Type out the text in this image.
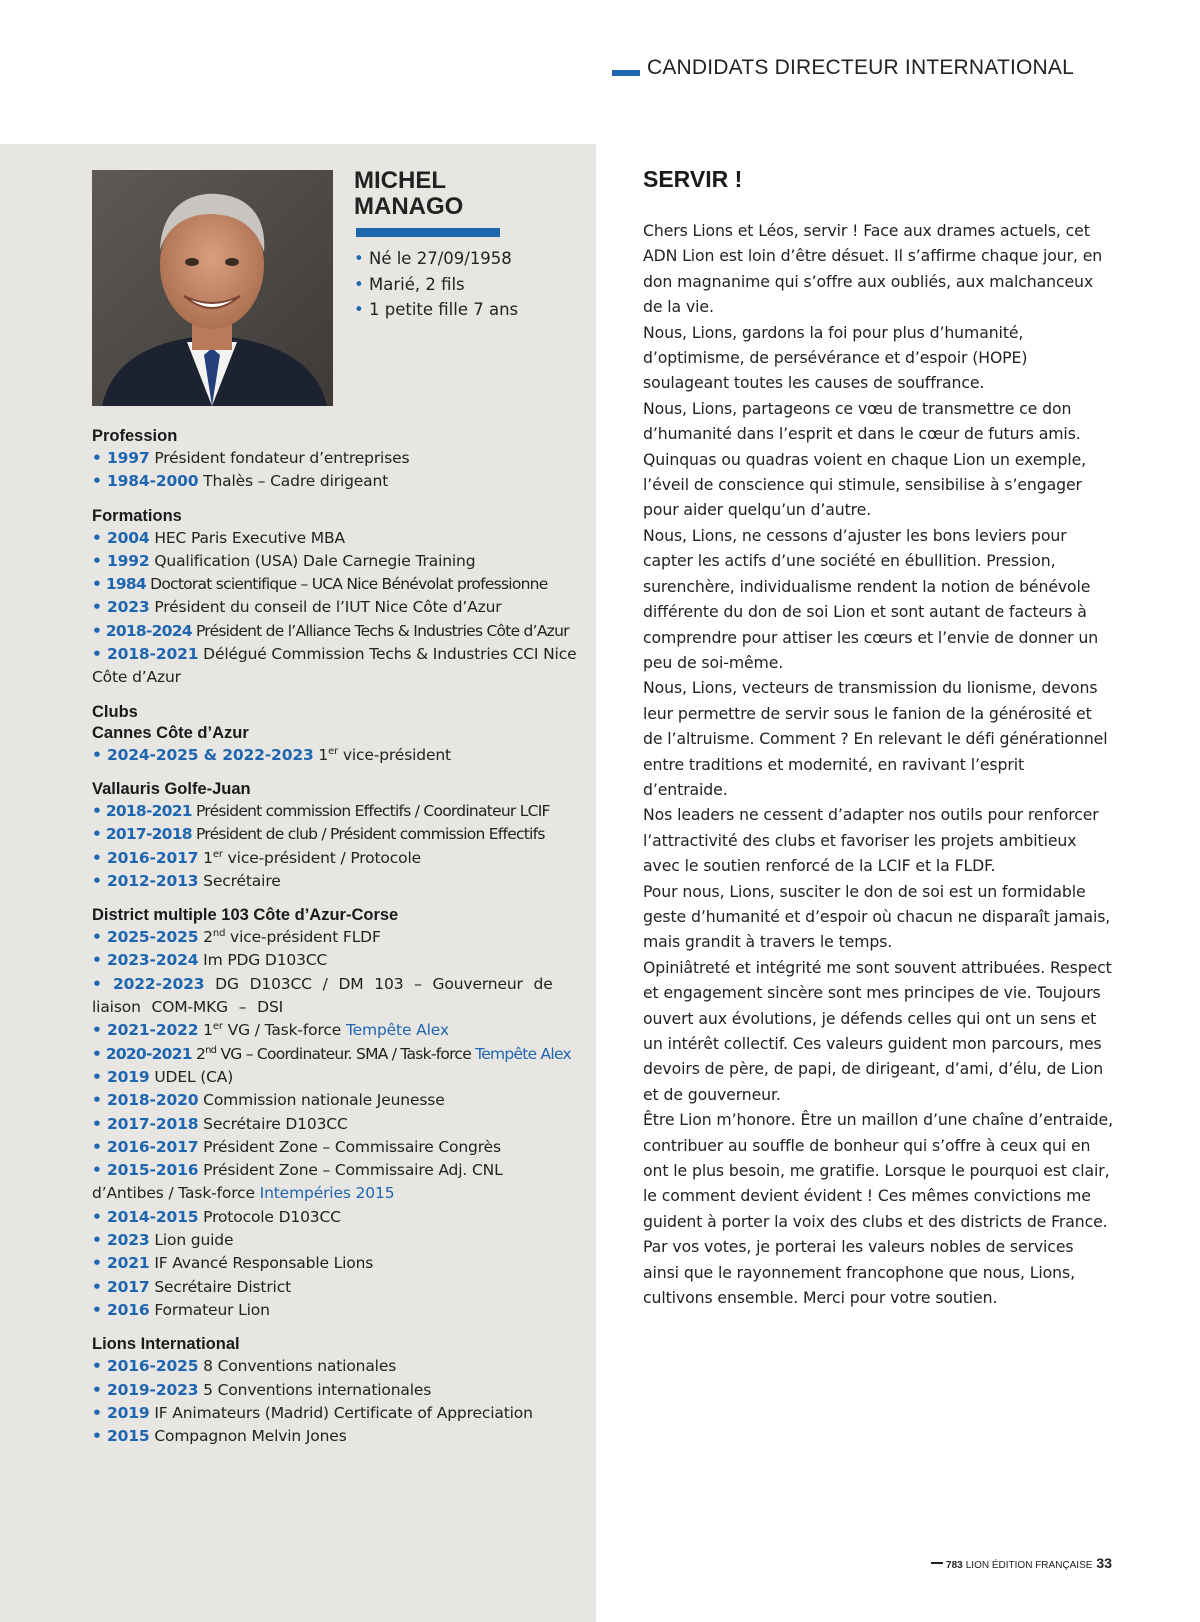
CANDIDATS DIRECTEUR INTERNATIONAL
MICHEL
MANAGO
• Né le 27/09/1958
• Marié, 2 fils
• 1 petite fille 7 ans
Profession
• 1997 Président fondateur d’entreprises
• 1984-2000 Thalès – Cadre dirigeant
Formations
• 2004 HEC Paris Executive MBA
• 1992 Qualification (USA) Dale Carnegie Training
• 1984 Doctorat scientifique – UCA Nice Bénévolat professionne
• 2023 Président du conseil de l’IUT Nice Côte d’Azur
• 2018-2024 Président de l’Alliance Techs & Industries Côte d’Azur
• 2018-2021 Délégué Commission Techs & Industries CCI Nice Côte d’Azur
Clubs
Cannes Côte d’Azur
• 2024-2025 & 2022-2023 1er vice-président
Vallauris Golfe-Juan
• 2018-2021 Président commission Effectifs / Coordinateur LCIF
• 2017-2018 Président de club / Président commission Effectifs
• 2016-2017 1er vice-président / Protocole
• 2012-2013 Secrétaire
District multiple 103 Côte d’Azur-Corse
• 2025-2025 2nd vice-président FLDF
• 2023-2024 Im PDG D103CC
• 2022-2023 DG D103CC / DM 103 – Gouverneur de liaison COM-MKG – DSI
• 2021-2022 1er VG / Task-force Tempête Alex
• 2020-2021 2nd VG – Coordinateur. SMA / Task-force Tempête Alex
• 2019 UDEL (CA)
• 2018-2020 Commission nationale Jeunesse
• 2017-2018 Secrétaire D103CC
• 2016-2017 Président Zone – Commissaire Congrès
• 2015-2016 Président Zone – Commissaire Adj. CNL d’Antibes / Task-force Intempéries 2015
• 2014-2015 Protocole D103CC
• 2023 Lion guide
• 2021 IF Avancé Responsable Lions
• 2017 Secrétaire District
• 2016 Formateur Lion
Lions International
• 2016-2025 8 Conventions nationales
• 2019-2023 5 Conventions internationales
• 2019 IF Animateurs (Madrid) Certificate of Appreciation
• 2015 Compagnon Melvin Jones
SERVIR !

Chers Lions et Léos, servir ! Face aux drames actuels, cet ADN Lion est loin d’être désuet. Il s’affirme chaque jour, en don magnanime qui s’offre aux oubliés, aux malchanceux de la vie.

Nous, Lions, gardons la foi pour plus d’humanité, d’optimisme, de persévérance et d’espoir (HOPE) soulageant toutes les causes de souffrance.

Nous, Lions, partageons ce vœu de transmettre ce don d’humanité dans l’esprit et dans le cœur de futurs amis. Quinquas ou quadras voient en chaque Lion un exemple, l’éveil de conscience qui stimule, sensibilise à s’engager pour aider quelqu’un d’autre.

Nous, Lions, ne cessons d’ajuster les bons leviers pour capter les actifs d’une société en ébullition. Pression, surenchère, individualisme rendent la notion de bénévole différente du don de soi Lion et sont autant de facteurs à comprendre pour attiser les cœurs et l’envie de donner un peu de soi-même.

Nous, Lions, vecteurs de transmission du lionisme, devons leur permettre de servir sous le fanion de la générosité et de l’altruisme. Comment ? En relevant le défi générationnel entre traditions et modernité, en ravivant l’esprit d’entraide.

Nos leaders ne cessent d’adapter nos outils pour renforcer l’attractivité des clubs et favoriser les projets ambitieux avec le soutien renforcé de la LCIF et la FLDF.

Pour nous, Lions, susciter le don de soi est un formidable geste d’humanité et d’espoir où chacun ne disparaît jamais, mais grandit à travers le temps.

Opiniâtreté et intégrité me sont souvent attribuées. Respect et engagement sincère sont mes principes de vie. Toujours ouvert aux évolutions, je défends celles qui ont un sens et un intérêt collectif. Ces valeurs guident mon parcours, mes devoirs de père, de papi, de dirigeant, d’ami, d’élu, de Lion et de gouverneur.

Être Lion m’honore. Être un maillon d’une chaîne d’entraide, contribuer au souffle de bonheur qui s’offre à ceux qui en ont le plus besoin, me gratifie. Lorsque le pourquoi est clair, le comment devient évident ! Ces mêmes convictions me guident à porter la voix des clubs et des districts de France.

Par vos votes, je porterai les valeurs nobles de services ainsi que le rayonnement francophone que nous, Lions, cultivons ensemble. Merci pour votre soutien.

783 LION ÉDITION FRANÇAISE 33
